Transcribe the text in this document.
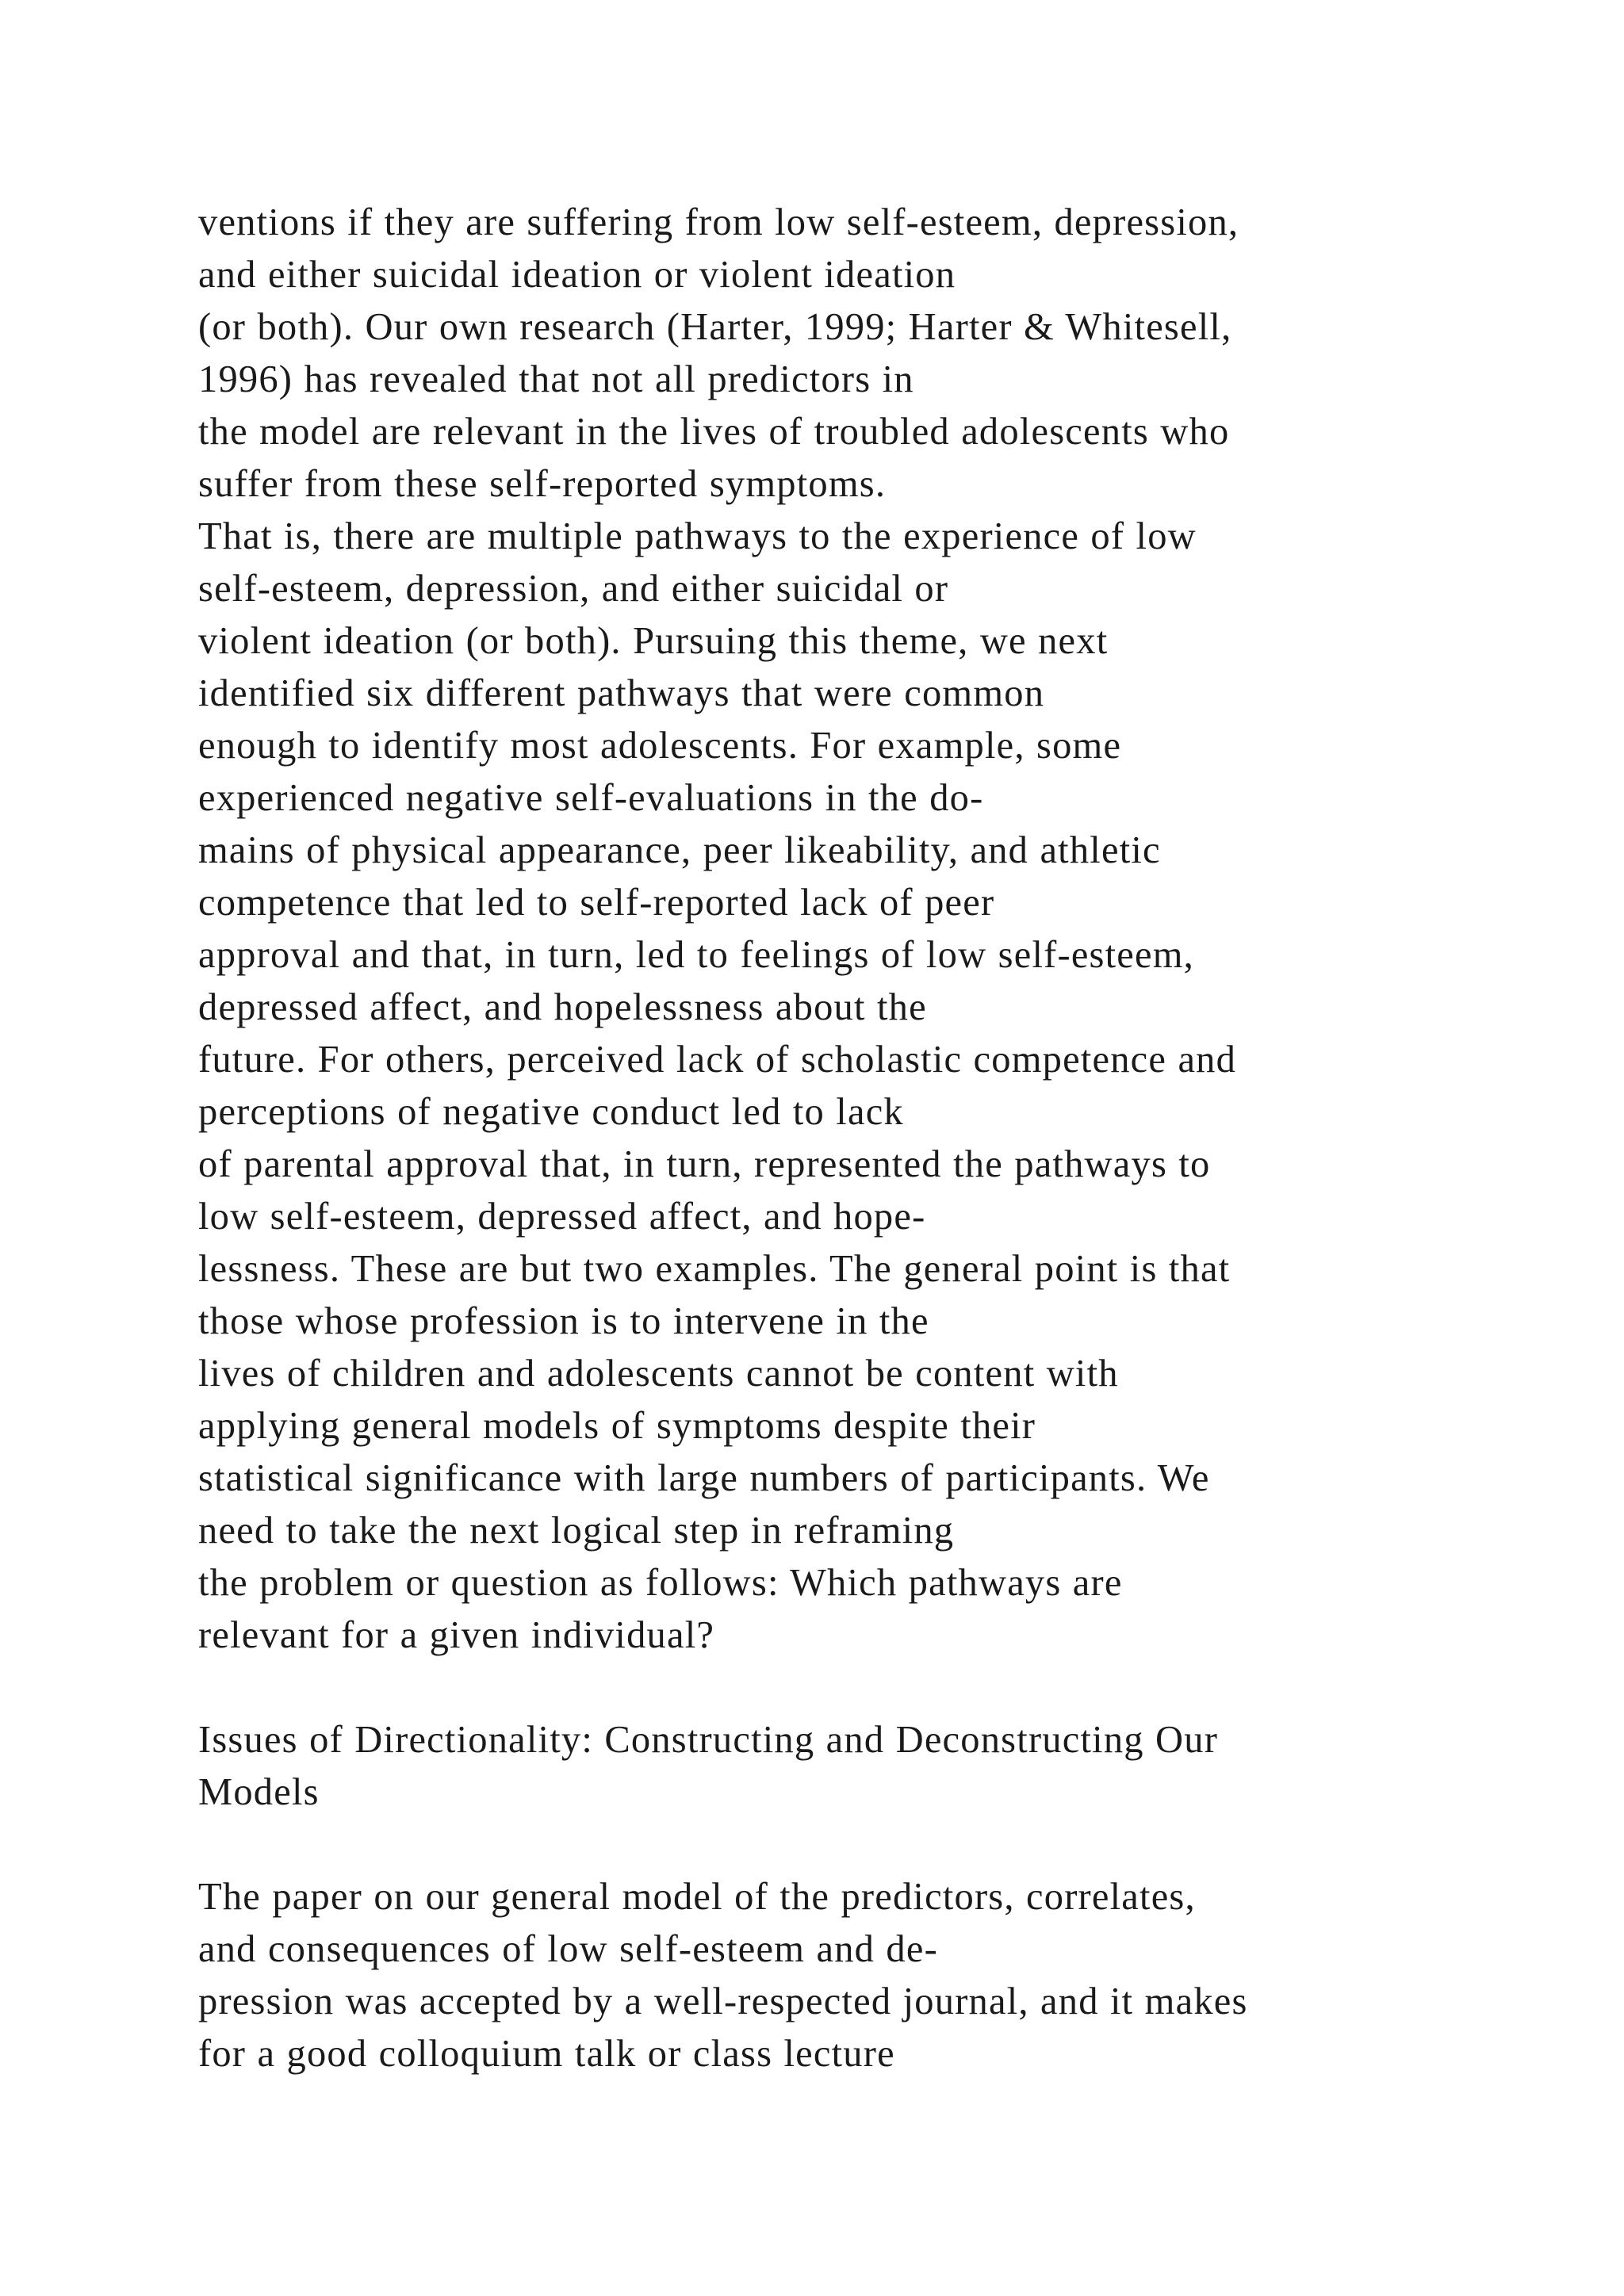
ventions if they are suffering from low self-esteem, depression,
and either suicidal ideation or violent ideation
(or both). Our own research (Harter, 1999; Harter & Whitesell,
1996) has revealed that not all predictors in
the model are relevant in the lives of troubled adolescents who
suffer from these self-reported symptoms.
That is, there are multiple pathways to the experience of low
self-esteem, depression, and either suicidal or
violent ideation (or both). Pursuing this theme, we next
identified six different pathways that were common
enough to identify most adolescents. For example, some
experienced negative self-evaluations in the do-
mains of physical appearance, peer likeability, and athletic
competence that led to self-reported lack of peer
approval and that, in turn, led to feelings of low self-esteem,
depressed affect, and hopelessness about the
future. For others, perceived lack of scholastic competence and
perceptions of negative conduct led to lack
of parental approval that, in turn, represented the pathways to
low self-esteem, depressed affect, and hope-
lessness. These are but two examples. The general point is that
those whose profession is to intervene in the
lives of children and adolescents cannot be content with
applying general models of symptoms despite their
statistical significance with large numbers of participants. We
need to take the next logical step in reframing
the problem or question as follows: Which pathways are
relevant for a given individual?
Issues of Directionality: Constructing and Deconstructing Our
Models
The paper on our general model of the predictors, correlates,
and consequences of low self-esteem and de-
pression was accepted by a well-respected journal, and it makes
for a good colloquium talk or class lecture
